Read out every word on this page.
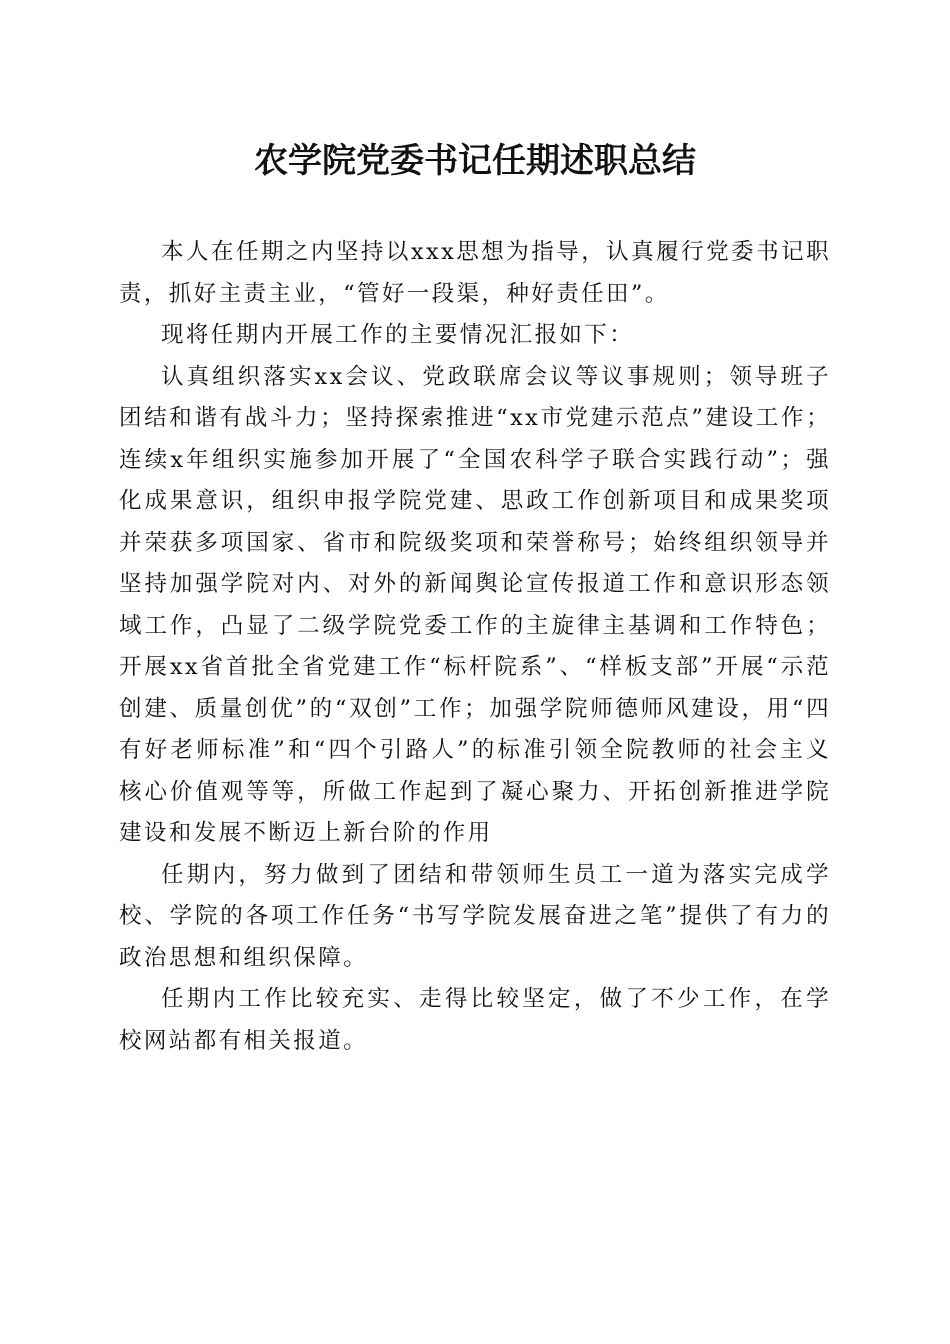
农学院党委书记任期述职总结

本人在任期之内坚持以xxx思想为指导，认真履行党委书记职责，抓好主责主业，“管好一段渠，种好责任田”。

现将任期内开展工作的主要情况汇报如下：

认真组织落实xx会议、党政联席会议等议事规则；领导班子团结和谐有战斗力；坚持探索推进“xx市党建示范点”建设工作；连续x年组织实施参加开展了“全国农科学子联合实践行动”；强化成果意识，组织申报学院党建、思政工作创新项目和成果奖项并荣获多项国家、省市和院级奖项和荣誉称号；始终组织领导并坚持加强学院对内、对外的新闻舆论宣传报道工作和意识形态领域工作，凸显了二级学院党委工作的主旋律主基调和工作特色；开展xx省首批全省党建工作“标杆院系”、“样板支部”开展“示范创建、质量创优”的“双创”工作；加强学院师德师风建设，用“四有好老师标准”和“四个引路人”的标准引领全院教师的社会主义核心价值观等等，所做工作起到了凝心聚力、开拓创新推进学院建设和发展不断迈上新台阶的作用

任期内，努力做到了团结和带领师生员工一道为落实完成学校、学院的各项工作任务“书写学院发展奋进之笔”提供了有力的政治思想和组织保障。

任期内工作比较充实、走得比较坚定，做了不少工作，在学校网站都有相关报道。
